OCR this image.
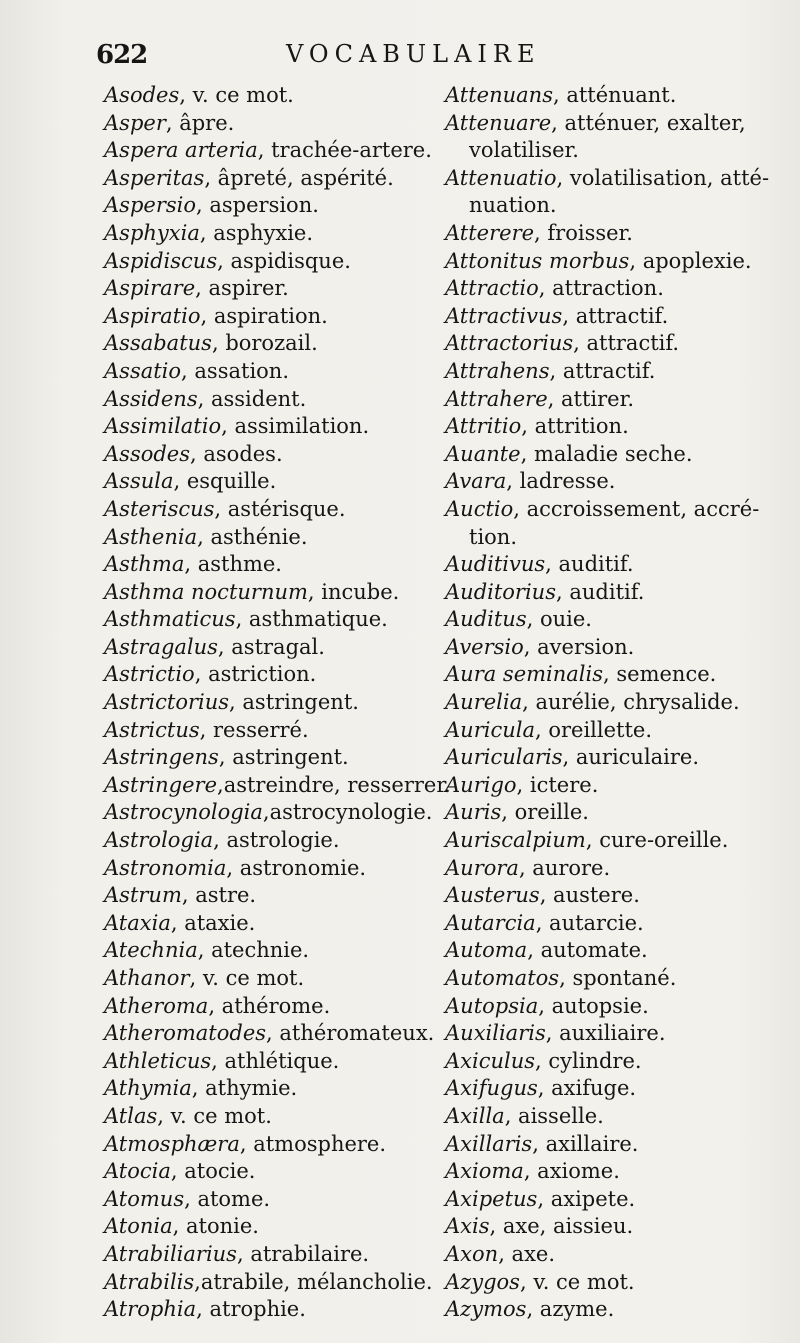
622	VOCABULAIRE
Asodes, v. ce mot.
Asper, âpre.
Aspera arteria, trachée-artere.
Asperitas, âpreté, aspérité.
Aspersio, aspersion.
Asphyxia, asphyxie.
Aspidiscus, aspidisque.
Aspirare, aspirer.
Aspiratio, aspiration.
Assabatus, borozail.
Assatio, assation.
Assidens, assident.
Assimilatio, assimilation.
Assodes, asodes.
Assula, esquille.
Asteriscus, astérisque.
Asthenia, asthénie.
Asthma, asthme.
Asthma nocturnum, incube.
Asthmaticus, asthmatique.
Astragalus, astragal.
Astrictio, astriction.
Astrictorius, astringent.
Astrictus, resserré.
Astringens, astringent.
Astringere,astreindre, resserrer.
Astrocynologia,astrocynologie.
Astrologia, astrologie.
Astronomia, astronomie.
Astrum, astre.
Ataxia, ataxie.
Atechnia, atechnie.
Athanor, v. ce mot.
Atheroma, athérome.
Atheromatodes, athéromateux.
Athleticus, athlétique.
Athymia, athymie.
Atlas, v. ce mot.
Atmosphæra, atmosphere.
Atocia, atocie.
Atomus, atome.
Atonia, atonie.
Atrabiliarius, atrabilaire.
Atrabilis,atrabile, mélancholie.
Atrophia, atrophie.
Attenuans, atténuant.
Attenuare, atténuer, exalter,
volatiliser.
Attenuatio, volatilisation, atté-
nuation.
Atterere, froisser.
Attonitus morbus, apoplexie.
Attractio, attraction.
Attractivus, attractif.
Attractorius, attractif.
Attrahens, attractif.
Attrahere, attirer.
Attritio, attrition.
Auante, maladie seche.
Avara, ladresse.
Auctio, accroissement, accré-
tion.
Auditivus, auditif.
Auditorius, auditif.
Auditus, ouie.
Aversio, aversion.
Aura seminalis, semence.
Aurelia, aurélie, chrysalide.
Auricula, oreillette.
Auricularis, auriculaire.
Aurigo, ictere.
Auris, oreille.
Auriscalpium, cure-oreille.
Aurora, aurore.
Austerus, austere.
Autarcia, autarcie.
Automa, automate.
Automatos, spontané.
Autopsia, autopsie.
Auxiliaris, auxiliaire.
Axiculus, cylindre.
Axifugus, axifuge.
Axilla, aisselle.
Axillaris, axillaire.
Axioma, axiome.
Axipetus, axipete.
Axis, axe, aissieu.
Axon, axe.
Azygos, v. ce mot.
Azymos, azyme.
